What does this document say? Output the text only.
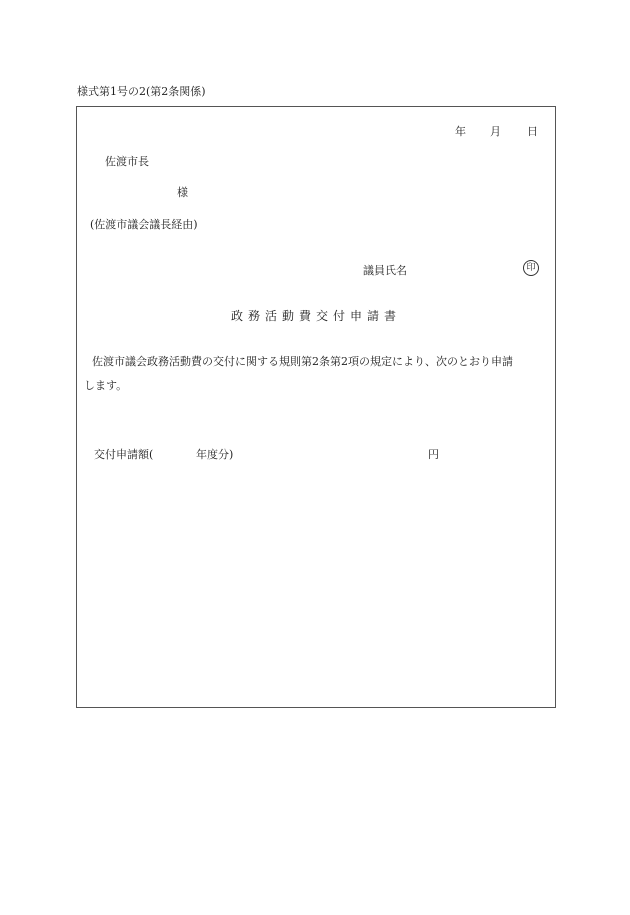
様式第1号の2(第2条関係)
年 月 日
佐渡市長
様
(佐渡市議会議長経由)
議員氏名	印
政務活動費交付申請書
佐渡市議会政務活動費の交付に関する規則第2条第2項の規定により、次のとおり申請
します。
交付申請額(	年度分)	円
